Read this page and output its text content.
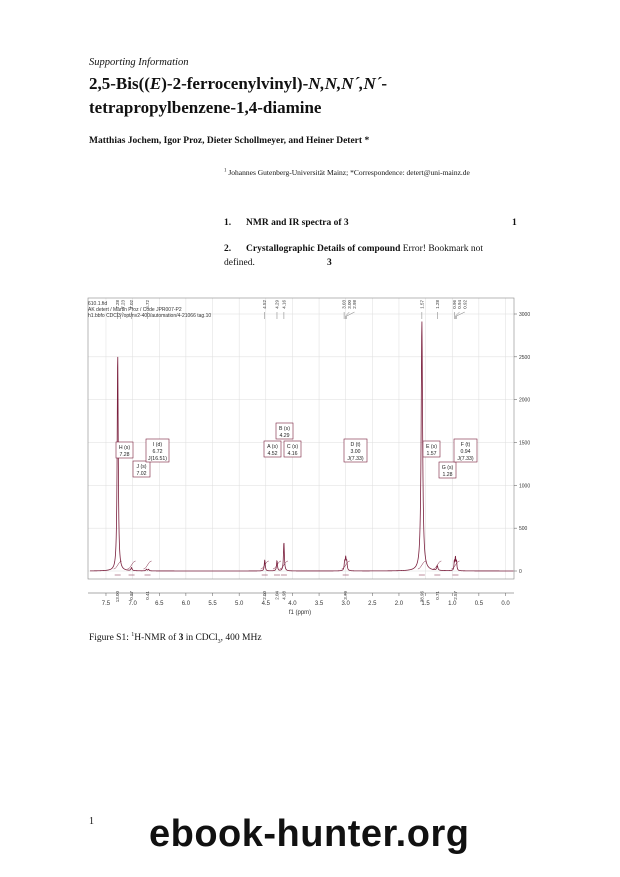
Supporting Information
2,5-Bis((E)-2-ferrocenylvinyl)-N,N,N´,N´-
tetrapropylbenzene-1,4-diamine
Matthias Jochem, Igor Proz, Dieter Schollmeyer, and Heiner Detert *
$^1$ Johannes Gutenberg-Universität Mainz; *Correspondence: detert@uni-mainz.de
1. NMR and IR spectra of 3	1
2. Crystallographic Details of compound Error! Bookmark not
defined.	3
610.1.fid
AK detert / Martin Proz / Code JPR007-P2
h1.bbfo CDCl3 /opt/nv2-400/automation/4-21066 tag.10
7.28 7.23 7.02 6.72	4.52 4.29 4.16	3.03 3.00 2.98	1.57 1.28	0.96 0.94 0.92
3000
2500
2000
1500
1000
500
0
H (s)
7.28
J (s)
7.02
I (d)
6.72
J(16.51)
B (s)
4.29
A (s)
4.52
C (s)
4.16
D (t)
3.00
J(7.33)
E (s)
1.57
G (s)
1.28
F (t)
0.94
J(7.33)
13.00 0.97 0.41	2.00 2.04 4.98	3.79	38.96 0.71	2.57
7.5	7.0	6.5	6.0	5.5	5.0	4.5	4.0	3.5	3.0	2.5	2.0	1.5	1.0	0.5	0.0
f1 (ppm)
Figure S1: $^1$H-NMR of 3 in CDCl$_3$, 400 MHz
1 ebook-hunter.org
